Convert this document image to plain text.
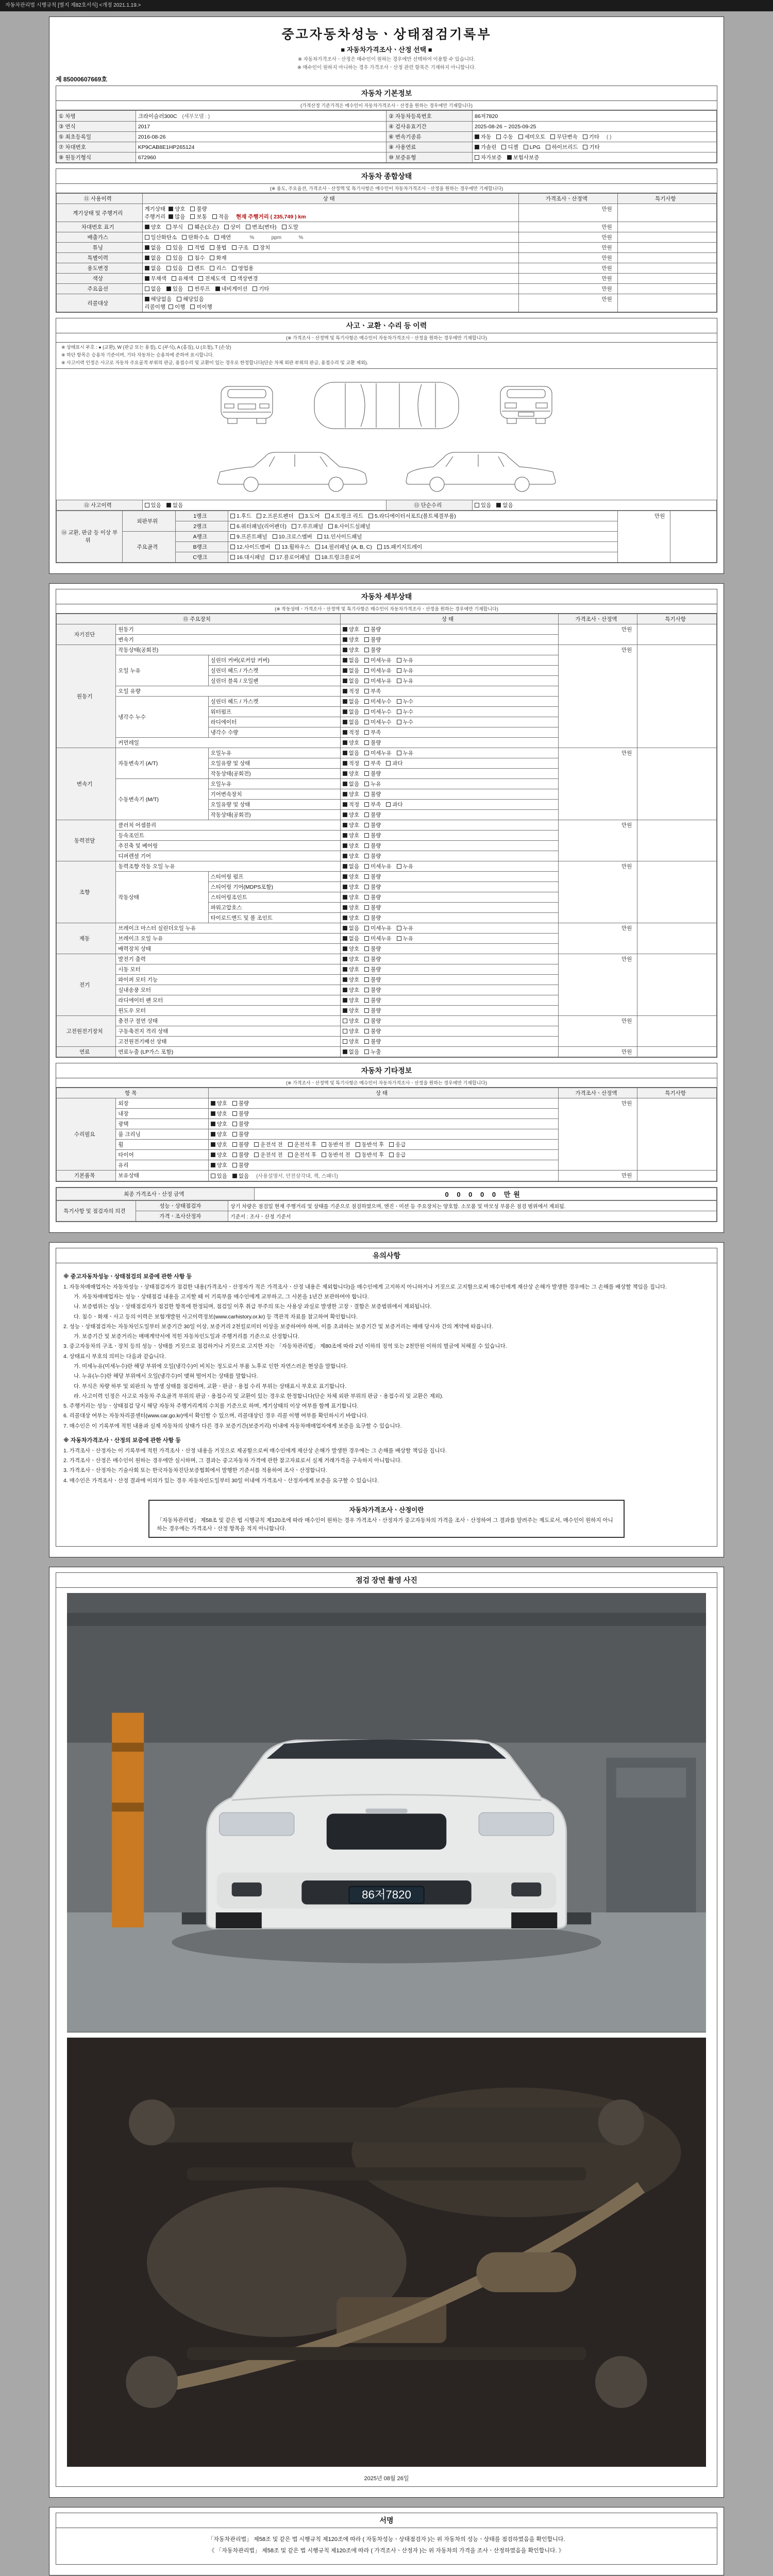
자동차관리법 시행규칙 [별지 제82호서식] <개정 2021.1.19.>
중고자동차성능ㆍ상태점검기록부
■ 자동차가격조사ㆍ산정 선택 ■
※ 자동차가격조사ㆍ산정은 매수인이 원하는 경우에만 선택하여 이용할 수 있습니다.
※ 매수인이 원하지 아니하는 경우 가격조사ㆍ산정 관련 항목은 기재하지 아니합니다.
제 85000607669호
자동차 기본정보
(가격산정 기준가격은 매수인이 자동차가격조사ㆍ산정을 원하는 경우에만 기재합니다)
① 차명	크라이슬러300C (세부모델 : )	② 자동차등록번호	86저7820
③ 연식	2017	④ 검사유효기간	2025-08-26 ~ 2025-09-25
⑤ 최초등록일	2016-08-26	⑥ 변속기종류	자동 수동 세미오토 무단변속 기타 ( )
⑦ 차대번호	KP9CAB8E1HP265124	⑧ 사용연료	가솔린 디젤 LPG 하이브리드 기타
⑨ 원동기형식	672960	⑩ 보증유형	자가보증 보험사보증
자동차 종합상태
(※ 용도, 주요옵션, 가격조사ㆍ산정액 및 특기사항은 매수인이 자동차가격조사ㆍ산정을 원하는 경우에만 기재합니다)
⑪ 사용이력	상 태	가격조사ㆍ산정액	특기사항
계기상태 및 주행거리	계기상태 양호 불량
주행거리 많음 보통 적음 현재 주행거리 ( 235,749 ) km	만원	
차대번호 표기	양호 부식 훼손(오손) 상이 변조(변타) 도말	만원	
배출가스	일산화탄소 탄화수소 매연        %            ppm            %	만원	
튜닝	없음 있음 적법 불법 구조 장치	만원	
특별이력	없음 있음 침수 화재	만원	
용도변경	없음 있음 렌트 리스 영업용	만원	
색상	무채색 유채색 전체도색 색상변경	만원	
주요옵션	없음 있음 썬루프 네비게이션 기타	만원	
리콜대상	해당없음 해당있음
리콜이행 이행 미이행	만원	
사고ㆍ교환ㆍ수리 등 이력
(※ 가격조사ㆍ산정액 및 특기사항은 매수인이 자동차가격조사ㆍ산정을 원하는 경우에만 기재합니다)

※ 상태표시 부호 : ● (교환), W (판금 또는 용접), C (부식), A (흠집), U (요철), T (손상)

※ 하단 항목은 승용차 기준이며, 기타 자동차는 승용차에 준하여 표시합니다.

※ 사고이력 인정은 사고로 자동차 주요골격 부위의 판금, 용접수리 및 교환이 있는 경우로 한정합니다(단순 차체 외판 부위의 판금, 용접수리 및 교환 제외).

⑫ 사고이력	있음 없음	⑬ 단순수리	있음 없음
⑭ 교환, 판금 등 이상 부위	외판부위	1랭크	1.후드 2.프론트펜더 3.도어 4.트렁크 리드 5.라디에이터서포트(볼트체결부품)	만원	
		2랭크	6.쿼터패널(리어펜더) 7.루프패널 8.사이드실패널		
	주요골격	A랭크	9.프론트패널 10.크로스멤버 11.인사이드패널		
		B랭크	12.사이드멤버 13.휠하우스 14.필러패널 (A, B, C) 15.패키지트레이		
		C랭크	16.대시패널 17.플로어패널 18.트렁크플로어		
자동차 세부상태
(※ 작동상태ㆍ가격조사ㆍ산정액 및 특기사항은 매수인이 자동차가격조사ㆍ산정을 원하는 경우에만 기재합니다)
⑮ 주요장치			상 태	가격조사ㆍ산정액	특기사항
자기진단	원동기		양호 불량	만원	
	변속기		양호 불량		
원동기	작동상태(공회전)		양호 불량	만원	
	오일 누유	실린더 커버(로커암 커버)	없음 미세누유 누유		
		실린더 헤드 / 가스켓	없음 미세누유 누유		
		실린더 블록 / 오일팬	없음 미세누유 누유		
	오일 유량		적정 부족		
	냉각수 누수	실린더 헤드 / 가스켓	없음 미세누수 누수		
		워터펌프	없음 미세누수 누수		
		라디에이터	없음 미세누수 누수		
		냉각수 수량	적정 부족		
	커먼레일		양호 불량		
변속기	자동변속기 (A/T)	오일누유	없음 미세누유 누유	만원	
		오일유량 및 상태	적정 부족 과다		
		작동상태(공회전)	양호 불량		
	수동변속기 (M/T)	오일누유	없음 누유		
		기어변속장치	양호 불량		
		오일유량 및 상태	적정 부족 과다		
		작동상태(공회전)	양호 불량		
동력전달	클러치 어셈블리		양호 불량	만원	
	등속조인트		양호 불량		
	추진축 및 베어링		양호 불량		
	디퍼렌셜 기어		양호 불량		
조향	동력조향 작동 오일 누유		없음 미세누유 누유	만원	
	작동상태	스티어링 펌프	양호 불량		
		스티어링 기어(MDPS포함)	양호 불량		
		스티어링조인트	양호 불량		
		파워고압호스	양호 불량		
		타이로드엔드 및 볼 조인트	양호 불량		
제동	브레이크 마스터 실린더오일 누유		없음 미세누유 누유	만원	
	브레이크 오일 누유		없음 미세누유 누유		
	배력장치 상태		양호 불량		
전기	발전기 출력		양호 불량	만원	
	시동 모터		양호 불량		
	와이퍼 모터 기능		양호 불량		
	실내송풍 모터		양호 불량		
	라디에이터 팬 모터		양호 불량		
	윈도우 모터		양호 불량		
고전원전기장치	충전구 절연 상태		양호 불량	만원	
	구동축전지 격리 상태		양호 불량		
	고전원전기배선 상태		양호 불량		
연료	연료누출 (LP가스 포함)		없음 누출	만원	
자동차 기타정보
(※ 가격조사ㆍ산정액 및 특기사항은 매수인이 자동차가격조사ㆍ산정을 원하는 경우에만 기재합니다)
항 목		상 태	가격조사ㆍ산정액	특기사항
수리필요	외장	양호 불량	만원	
	내장	양호 불량		
	광택	양호 불량		
	룸 크리닝	양호 불량		
	휠	양호 불량 운전석 전 운전석 후 동반석 전 동반석 후 응급		
	타이어	양호 불량 운전석 전 운전석 후 동반석 전 동반석 후 응급		
	유리	양호 불량		
기본품목	보유상태	있음 없음 (사용설명서, 안전삼각대, 잭, 스패너)	만원	
최종 가격조사ㆍ산정 금액	0 0 0 0 0 만원
특기사항 및 점검자의 의견	성능ㆍ상태점검자	상기 차량은 점검일 현재 주행거리 및 상태를 기준으로 점검하였으며, 엔진ㆍ미션 등 주요장치는 양호함. 소모품 및 마모성 부품은 점검 범위에서 제외됨.
	가격ㆍ조사산정자	기준서 : 조사ㆍ산정 기준서
유의사항

※ 중고자동차성능ㆍ상태점검의 보증에 관한 사항 등

1. 자동차매매업자는 자동차성능ㆍ상태점검자가 점검한 내용(가격조사ㆍ산정자가 적은 가격조사ㆍ산정 내용은 제외합니다)을 매수인에게 고지하지 아니하거나 거짓으로 고지함으로써 매수인에게 재산상 손해가 발생한 경우에는 그 손해를 배상할 책임을 집니다.

가. 자동차매매업자는 성능ㆍ상태점검 내용을 고지할 때 이 기록부를 매수인에게 교부하고, 그 사본을 1년간 보관하여야 합니다.

나. 보증범위는 성능ㆍ상태점검자가 점검한 항목에 한정되며, 점검일 이후 취급 부주의 또는 사용상 과실로 발생한 고장ㆍ결함은 보증범위에서 제외됩니다.

다. 침수ㆍ화재ㆍ사고 등의 이력은 보험개발원 사고이력정보(www.carhistory.or.kr) 등 객관적 자료를 참고하여 확인합니다.

2. 성능ㆍ상태점검자는 자동차인도일부터 보증기간 30일 이상, 보증거리 2천킬로미터 이상을 보증하여야 하며, 이를 초과하는 보증기간 및 보증거리는 매매 당사자 간의 계약에 따릅니다.

가. 보증기간 및 보증거리는 매매계약서에 적힌 자동차인도일과 주행거리를 기준으로 산정합니다.

3. 중고자동차의 구조ㆍ장치 등의 성능ㆍ상태를 거짓으로 점검하거나 거짓으로 고지한 자는 「자동차관리법」 제80조에 따라 2년 이하의 징역 또는 2천만원 이하의 벌금에 처해질 수 있습니다.

4. 상태표시 부호의 의미는 다음과 같습니다.

가. 미세누유(미세누수)란 해당 부위에 오일(냉각수)이 비치는 정도로서 부품 노후로 인한 자연스러운 현상을 말합니다.

나. 누유(누수)란 해당 부위에서 오일(냉각수)이 맺혀 떨어지는 상태를 말합니다.

다. 부식은 차량 하부 및 외판의 녹 발생 상태를 점검하며, 교환ㆍ판금ㆍ용접 수리 부위는 상태표시 부호로 표기합니다.

라. 사고이력 인정은 사고로 자동차 주요골격 부위의 판금ㆍ용접수리 및 교환이 있는 경우로 한정합니다(단순 차체 외판 부위의 판금ㆍ용접수리 및 교환은 제외).

5. 주행거리는 성능ㆍ상태점검 당시 해당 자동차 주행거리계의 수치를 기준으로 하며, 계기상태의 이상 여부를 함께 표기합니다.

6. 리콜대상 여부는 자동차리콜센터(www.car.go.kr)에서 확인할 수 있으며, 리콜대상인 경우 리콜 이행 여부를 확인하시기 바랍니다.

7. 매수인은 이 기록부에 적힌 내용과 실제 자동차의 상태가 다른 경우 보증기간(보증거리) 이내에 자동차매매업자에게 보증을 요구할 수 있습니다.

※ 자동차가격조사ㆍ산정의 보증에 관한 사항 등

1. 가격조사ㆍ산정자는 이 기록부에 적힌 가격조사ㆍ산정 내용을 거짓으로 제공함으로써 매수인에게 재산상 손해가 발생한 경우에는 그 손해를 배상할 책임을 집니다.

2. 가격조사ㆍ산정은 매수인이 원하는 경우에만 실시하며, 그 결과는 중고자동차 가격에 관한 참고자료로서 실제 거래가격을 구속하지 아니합니다.

3. 가격조사ㆍ산정자는 기술사회 또는 한국자동차진단보증협회에서 발행한 기준서를 적용하여 조사ㆍ산정합니다.

4. 매수인은 가격조사ㆍ산정 결과에 이의가 있는 경우 자동차인도일부터 30일 이내에 가격조사ㆍ산정자에게 보증을 요구할 수 있습니다.

자동차가격조사ㆍ산정이란
「자동차관리법」 제58조 및 같은 법 시행규칙 제120조에 따라 매수인이 원하는 경우 가격조사ㆍ산정자가 중고자동차의 가격을 조사ㆍ산정하여 그 결과를 알려주는 제도로서, 매수인이 원하지 아니하는 경우에는 가격조사ㆍ산정 항목을 적지 아니합니다.
점검 장면 촬영 사진
86저7820
2025년 08월 26일
서명

「자동차관리법」 제58조 및 같은 법 시행규칙 제120조에 따라 ( 자동차성능ㆍ상태점검자 )는 위 자동차의 성능ㆍ상태를 점검하였음을 확인합니다.

《 「자동차관리법」 제58조 및 같은 법 시행규칙 제120조에 따라 ( 가격조사ㆍ산정자 )는 위 자동차의 가격을 조사ㆍ산정하였음을 확인합니다. 》
